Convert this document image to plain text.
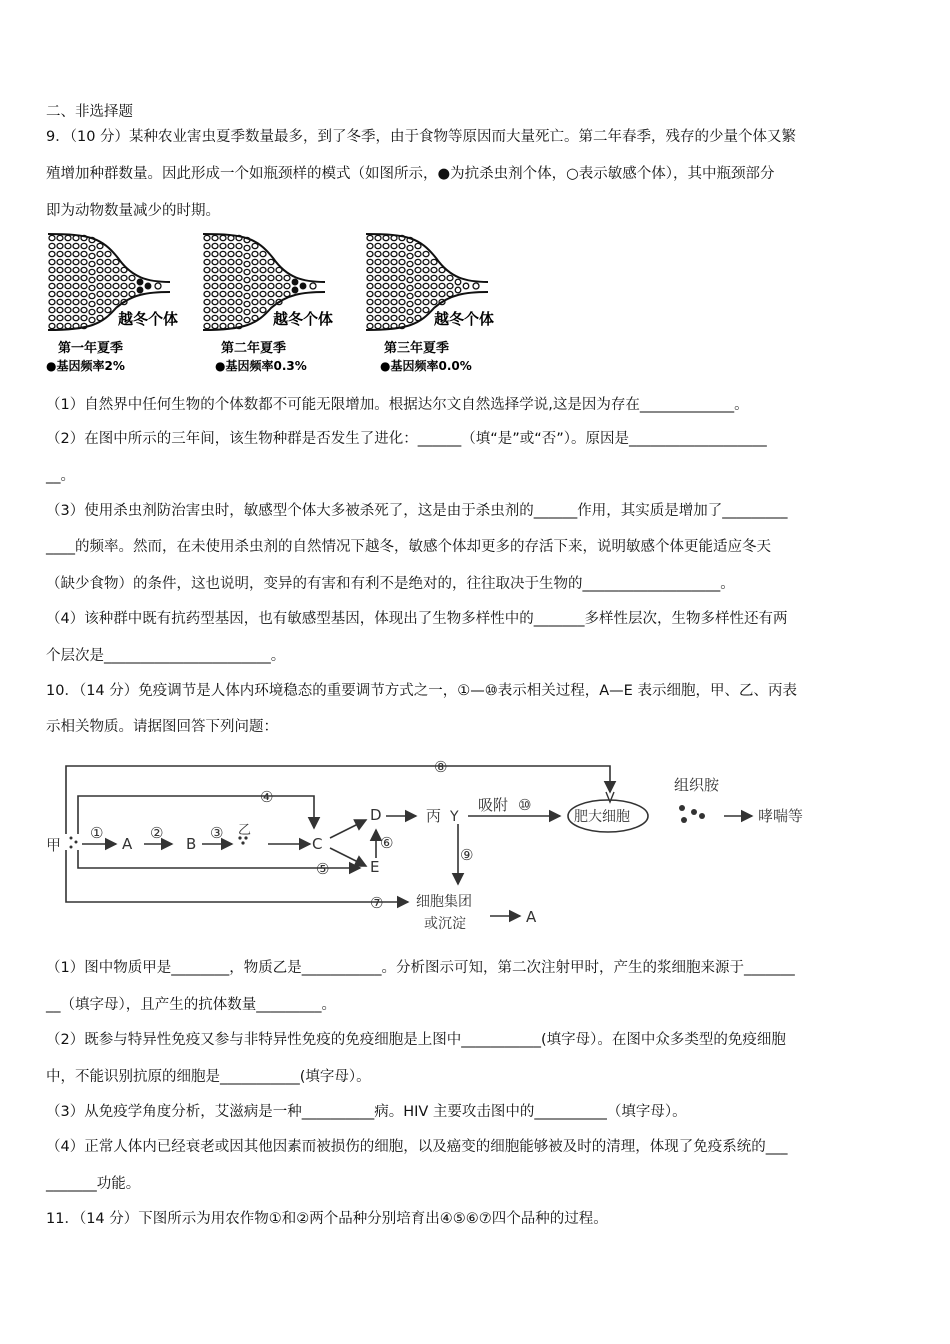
二、非选择题
9．（10 分）某种农业害虫夏季数量最多，到了冬季，由于食物等原因而大量死亡。第二年春季，残存的少量个体又繁
殖增加种群数量。因此形成一个如瓶颈样的模式（如图所示，●为抗杀虫剂个体，○表示敏感个体），其中瓶颈部分
即为动物数量减少的时期。
越冬个体
第一年夏季
●基因频率2%
越冬个体
第二年夏季
●基因频率0.3%
越冬个体
第三年夏季
●基因频率0.0%
（1）自然界中任何生物的个体数都不可能无限增加。根据达尔文自然选择学说,这是因为存在_____________。
（2）在图中所示的三年间，该生物种群是否发生了进化：______（填“是”或“否”）。原因是___________________
__。
（3）使用杀虫剂防治害虫时，敏感型个体大多被杀死了，这是由于杀虫剂的______作用，其实质是增加了_________
____的频率。然而，在未使用杀虫剂的自然情况下越冬，敏感个体却更多的存活下来，说明敏感个体更能适应冬天
（缺少食物）的条件，这也说明，变异的有害和有利不是绝对的，往往取决于生物的___________________。
（4）该种群中既有抗药型基因，也有敏感型基因，体现出了生物多样性中的_______多样性层次，生物多样性还有两
个层次是_______________________。
10．（14 分）免疫调节是人体内环境稳态的重要调节方式之一，①—⑩表示相关过程，A—E 表示细胞，甲、乙、丙表
示相关物质。请据图回答下列问题：
甲	A	B
乙
C
D
E
丙 Y
吸附
肥大细胞
组织胺
哮喘等
细胞集团
或沉淀	A
①	②	③
④
⑤
⑥
⑦
⑧
⑨
⑩
（1）图中物质甲是________，物质乙是___________。分析图示可知，第二次注射甲时，产生的浆细胞来源于_______
__（填字母），且产生的抗体数量_________。
（2）既参与特异性免疫又参与非特异性免疫的免疫细胞是上图中___________(填字母）。在图中众多类型的免疫细胞
中，不能识别抗原的细胞是___________(填字母）。
（3）从免疫学角度分析，艾滋病是一种__________病。HIV 主要攻击图中的__________（填字母）。
（4）正常人体内已经衰老或因其他因素而被损伤的细胞，以及癌变的细胞能够被及时的清理，体现了免疫系统的___
_______功能。
11．（14 分）下图所示为用农作物①和②两个品种分别培育出④⑤⑥⑦四个品种的过程。
